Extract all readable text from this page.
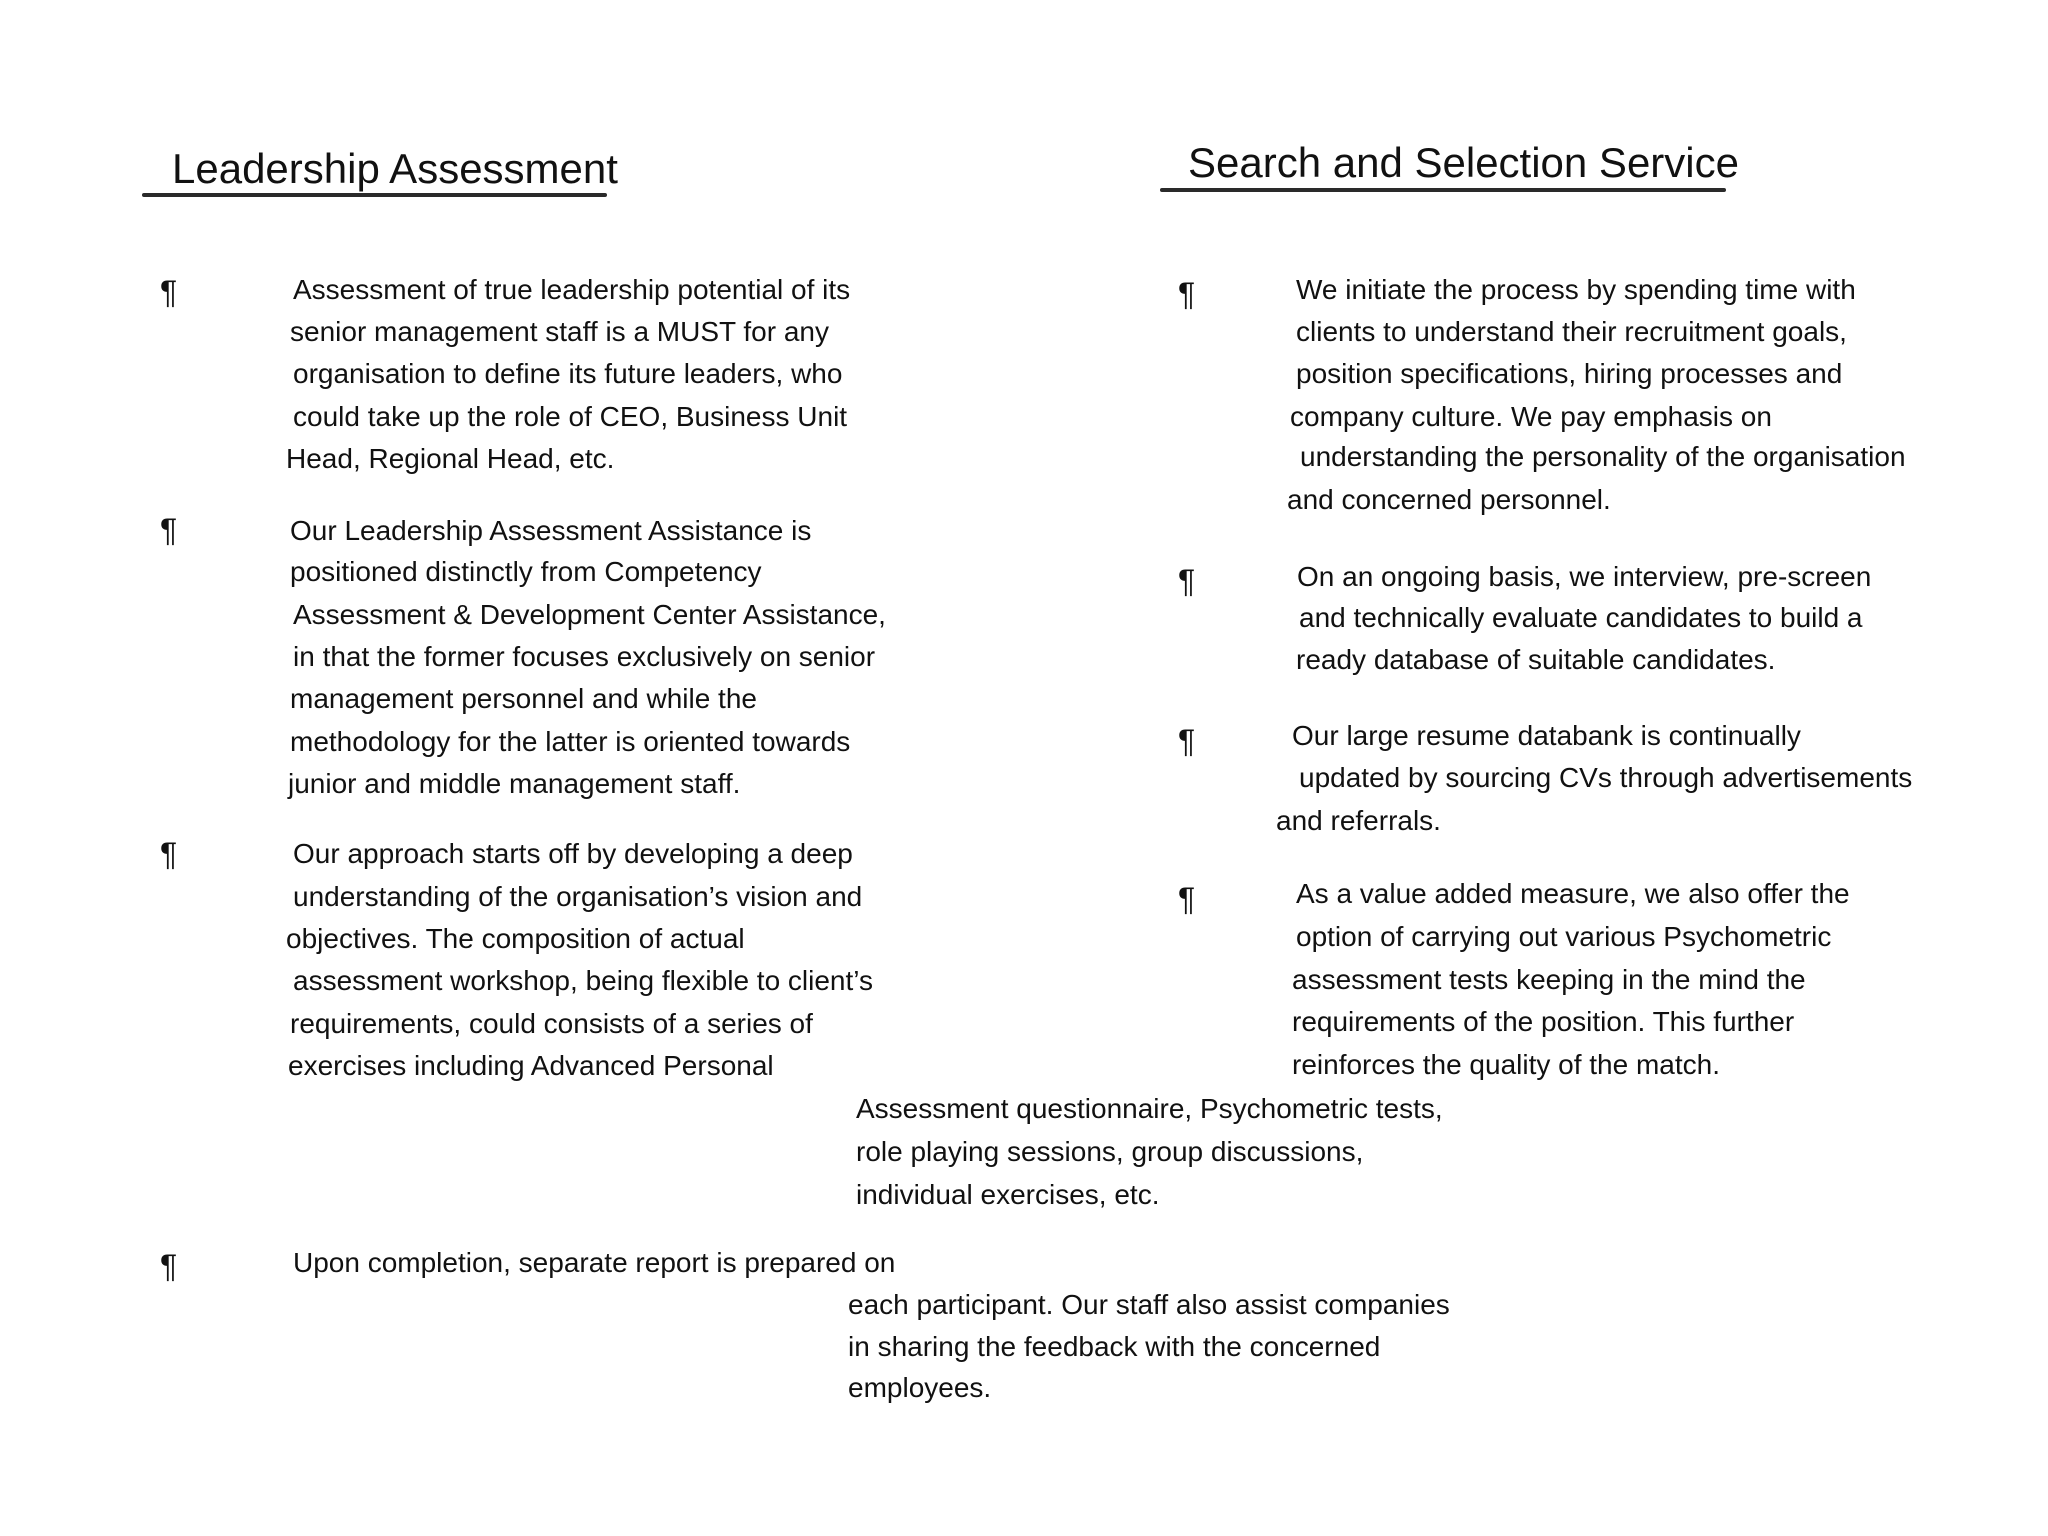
Leadership Assessment
¶	Assessment of true leadership potential of its
senior management staff is a MUST for any
organisation to define its future leaders, who
could take up the role of CEO, Business Unit
Head, Regional Head, etc.
¶	Our Leadership Assessment Assistance is
positioned distinctly from Competency
Assessment & Development Center Assistance,
in that the former focuses exclusively on senior
management personnel and while the
methodology for the latter is oriented towards
junior and middle management staff.
¶	Our approach starts off by developing a deep
understanding of the organisation’s vision and
objectives. The composition of actual
assessment workshop, being flexible to client’s
requirements, could consists of a series of
exercises including Advanced Personal
Assessment questionnaire, Psychometric tests,
role playing sessions, group discussions,
individual exercises, etc.
¶	Upon completion, separate report is prepared on
each participant. Our staff also assist companies
in sharing the feedback with the concerned
employees.
Search and Selection Service
¶	We initiate the process by spending time with
clients to understand their recruitment goals,
position specifications, hiring processes and
company culture. We pay emphasis on
understanding the personality of the organisation
and concerned personnel.
¶	On an ongoing basis, we interview, pre-screen
and technically evaluate candidates to build a
ready database of suitable candidates.
¶	Our large resume databank is continually
updated by sourcing CVs through advertisements
and referrals.
¶	As a value added measure, we also offer the
option of carrying out various Psychometric
assessment tests keeping in the mind the
requirements of the position. This further
reinforces the quality of the match.
